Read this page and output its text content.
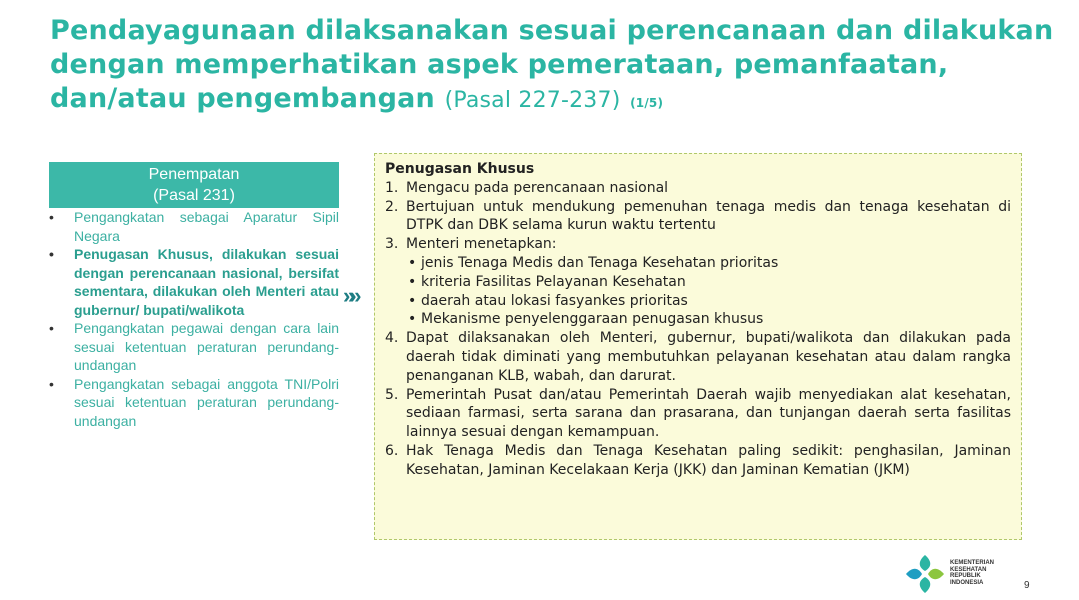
Pendayagunaan dilaksanakan sesuai perencanaan dan dilakukan dengan memperhatikan aspek pemerataan, pemanfaatan, dan/atau pengembangan (Pasal 227-237) (1/5)
Penempatan
(Pasal 231)
• Pengangkatan sebagai Aparatur Sipil Negara
• Penugasan Khusus, dilakukan sesuai dengan perencanaan nasional, bersifat sementara, dilakukan oleh Menteri atau gubernur/ bupati/walikota
• Pengangkatan pegawai dengan cara lain sesuai ketentuan peraturan perundang- undangan
• Pengangkatan sebagai anggota TNI/Polri sesuai ketentuan peraturan perundang- undangan
»»
Penugasan Khusus
1. Mengacu pada perencanaan nasional
2. Bertujuan untuk mendukung pemenuhan tenaga medis dan tenaga kesehatan di DTPK dan DBK selama kurun waktu tertentu
3. Menteri menetapkan:
• jenis Tenaga Medis dan Tenaga Kesehatan prioritas
• kriteria Fasilitas Pelayanan Kesehatan
• daerah atau lokasi fasyankes prioritas
• Mekanisme penyelenggaraan penugasan khusus
4. Dapat dilaksanakan oleh Menteri, gubernur, bupati/walikota dan dilakukan pada daerah tidak diminati yang membutuhkan pelayanan kesehatan atau dalam rangka penanganan KLB, wabah, dan darurat.
5. Pemerintah Pusat dan/atau Pemerintah Daerah wajib menyediakan alat kesehatan, sediaan farmasi, serta sarana dan prasarana, dan tunjangan daerah serta fasilitas lainnya sesuai dengan kemampuan.
6. Hak Tenaga Medis dan Tenaga Kesehatan paling sedikit: penghasilan, Jaminan Kesehatan, Jaminan Kecelakaan Kerja (JKK) dan Jaminan Kematian (JKM)
KEMENTERIAN
KESEHATAN
REPUBLIK
INDONESIA	9
